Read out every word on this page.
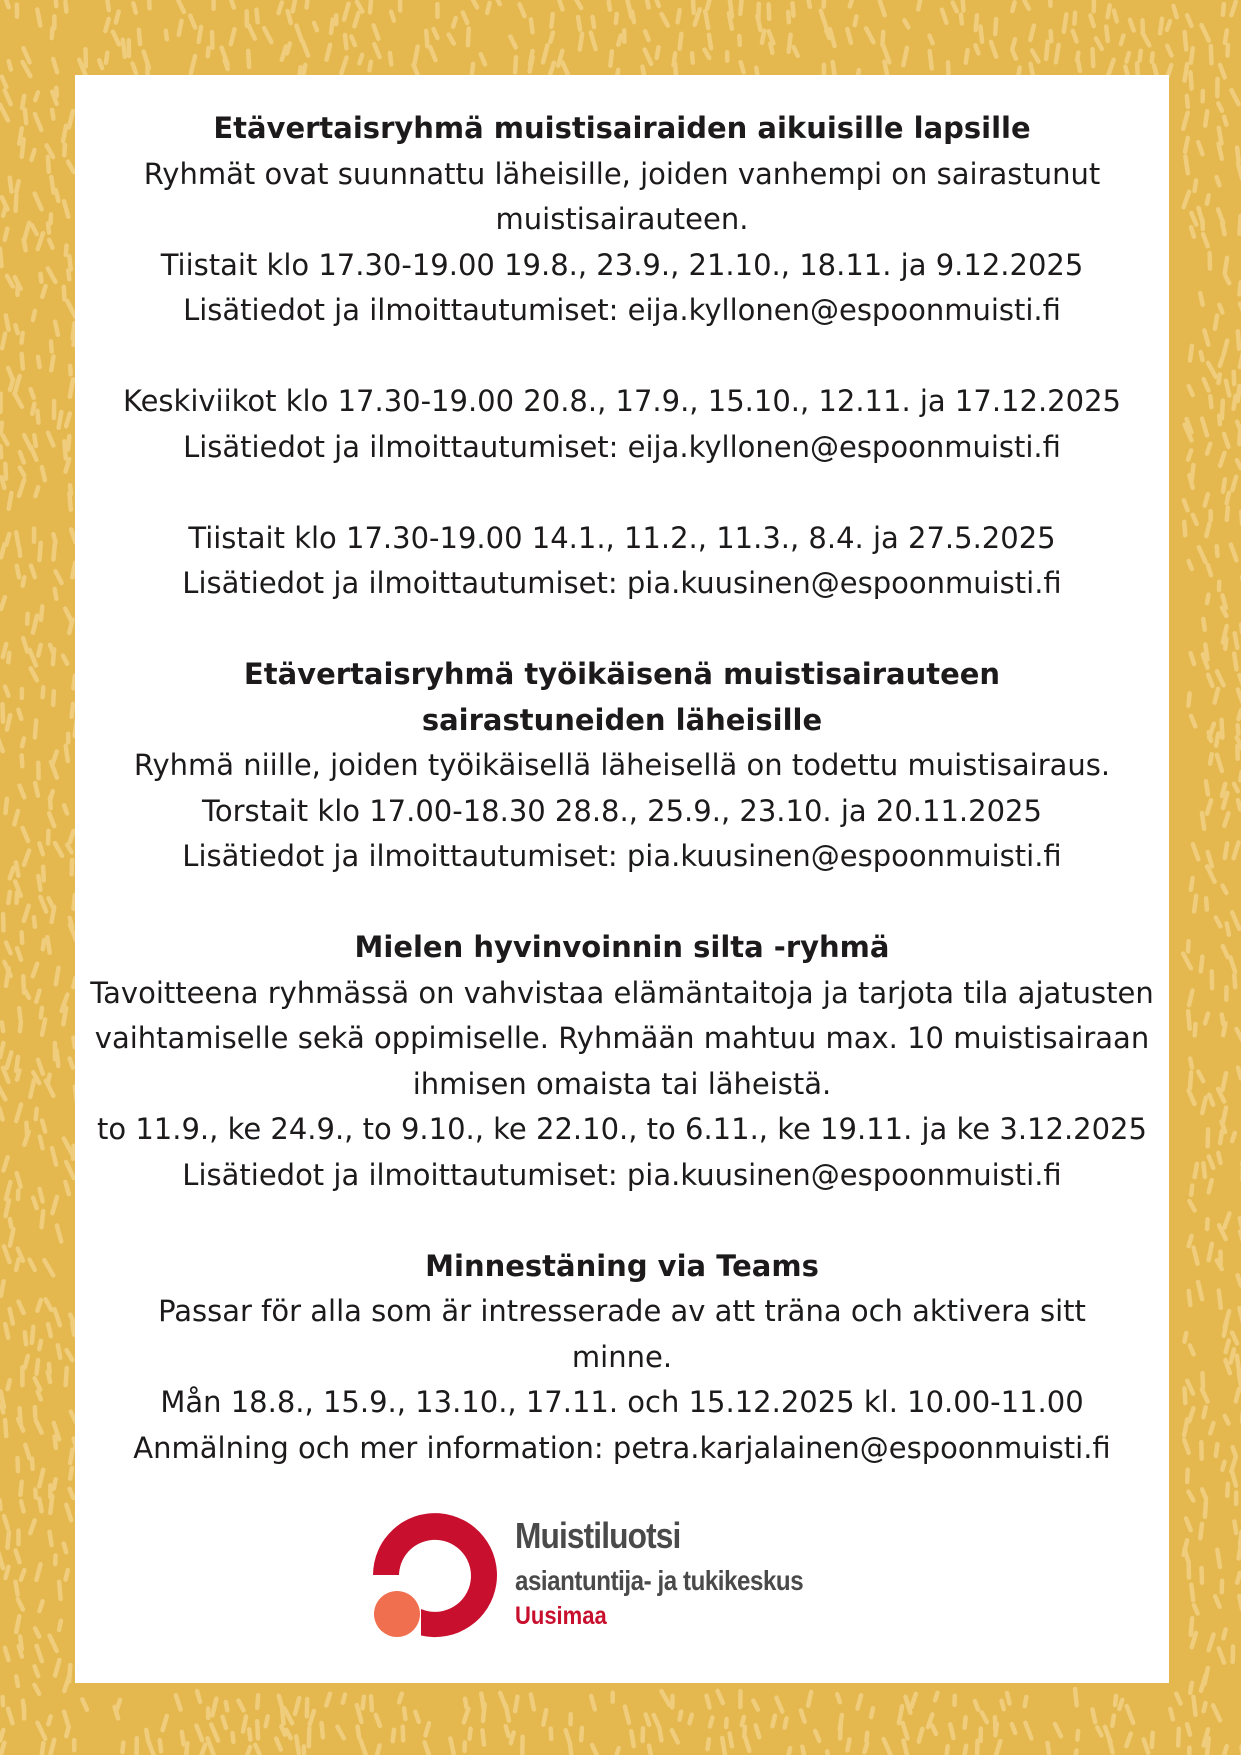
Etävertaisryhmä muistisairaiden aikuisille lapsille

Ryhmät ovat suunnattu läheisille, joiden vanhempi on sairastunut muistisairauteen.

Tiistait klo 17.30-19.00 19.8., 23.9., 21.10., 18.11. ja 9.12.2025

Lisätiedot ja ilmoittautumiset: eija.kyllonen@espoonmuisti.fi

Keskiviikot klo 17.30-19.00 20.8., 17.9., 15.10., 12.11. ja 17.12.2025

Lisätiedot ja ilmoittautumiset: eija.kyllonen@espoonmuisti.fi

Tiistait klo 17.30-19.00 14.1., 11.2., 11.3., 8.4. ja 27.5.2025

Lisätiedot ja ilmoittautumiset: pia.kuusinen@espoonmuisti.fi

Etävertaisryhmä työikäisenä muistisairauteen sairastuneiden läheisille

Ryhmä niille, joiden työikäisellä läheisellä on todettu muistisairaus.

Torstait klo 17.00-18.30 28.8., 25.9., 23.10. ja 20.11.2025

Lisätiedot ja ilmoittautumiset: pia.kuusinen@espoonmuisti.fi

Mielen hyvinvoinnin silta -ryhmä

Tavoitteena ryhmässä on vahvistaa elämäntaitoja ja tarjota tila ajatusten vaihtamiselle sekä oppimiselle. Ryhmään mahtuu max. 10 muistisairaan ihmisen omaista tai läheistä.

to 11.9., ke 24.9., to 9.10., ke 22.10., to 6.11., ke 19.11. ja ke 3.12.2025

Lisätiedot ja ilmoittautumiset: pia.kuusinen@espoonmuisti.fi

Minnestäning via Teams

Passar för alla som är intresserade av att träna och aktivera sitt minne.

Mån 18.8., 15.9., 13.10., 17.11. och 15.12.2025 kl. 10.00-11.00

Anmälning och mer information: petra.karjalainen@espoonmuisti.fi

Muistiluotsi
asiantuntija- ja tukikeskus
Uusimaa
